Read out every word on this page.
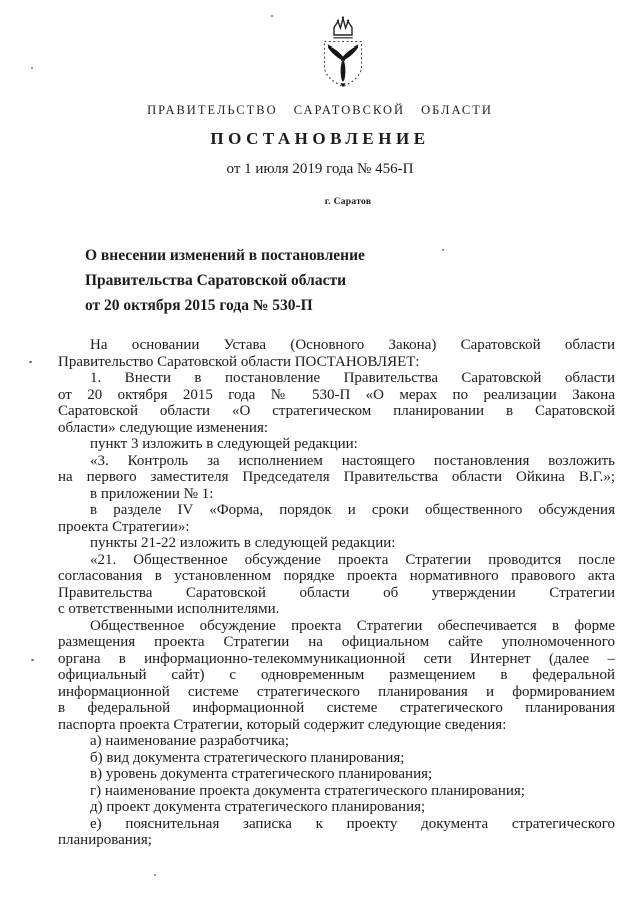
ПРАВИТЕЛЬСТВО САРАТОВСКОЙ ОБЛАСТИ
ПОСТАНОВЛЕНИЕ
от 1 июля 2019 года № 456-П
г. Саратов
О внесении изменений в постановление
Правительства Саратовской области
от 20 октября 2015 года № 530-П
На основании Устава (Основного Закона) Саратовской области
Правительство Саратовской области ПОСТАНОВЛЯЕТ:
1. Внести в постановление Правительства Саратовской области
от 20 октября 2015 года № 530-П «О мерах по реализации Закона
Саратовской области «О стратегическом планировании в Саратовской
области» следующие изменения:
пункт 3 изложить в следующей редакции:
«3. Контроль за исполнением настоящего постановления возложить
на первого заместителя Председателя Правительства области Ойкина В.Г.»;
в приложении № 1:
в разделе IV «Форма, порядок и сроки общественного обсуждения
проекта Стратегии»:
пункты 21-22 изложить в следующей редакции:
«21. Общественное обсуждение проекта Стратегии проводится после
согласования в установленном порядке проекта нормативного правового акта
Правительства Саратовской области об утверждении Стратегии
с ответственными исполнителями.
Общественное обсуждение проекта Стратегии обеспечивается в форме
размещения проекта Стратегии на официальном сайте уполномоченного
органа в информационно-телекоммуникационной сети Интернет (далее –
официальный сайт) с одновременным размещением в федеральной
информационной системе стратегического планирования и формированием
в федеральной информационной системе стратегического планирования
паспорта проекта Стратегии, который содержит следующие сведения:
а) наименование разработчика;
б) вид документа стратегического планирования;
в) уровень документа стратегического планирования;
г) наименование проекта документа стратегического планирования;
д) проект документа стратегического планирования;
е) пояснительная записка к проекту документа стратегического
планирования;
